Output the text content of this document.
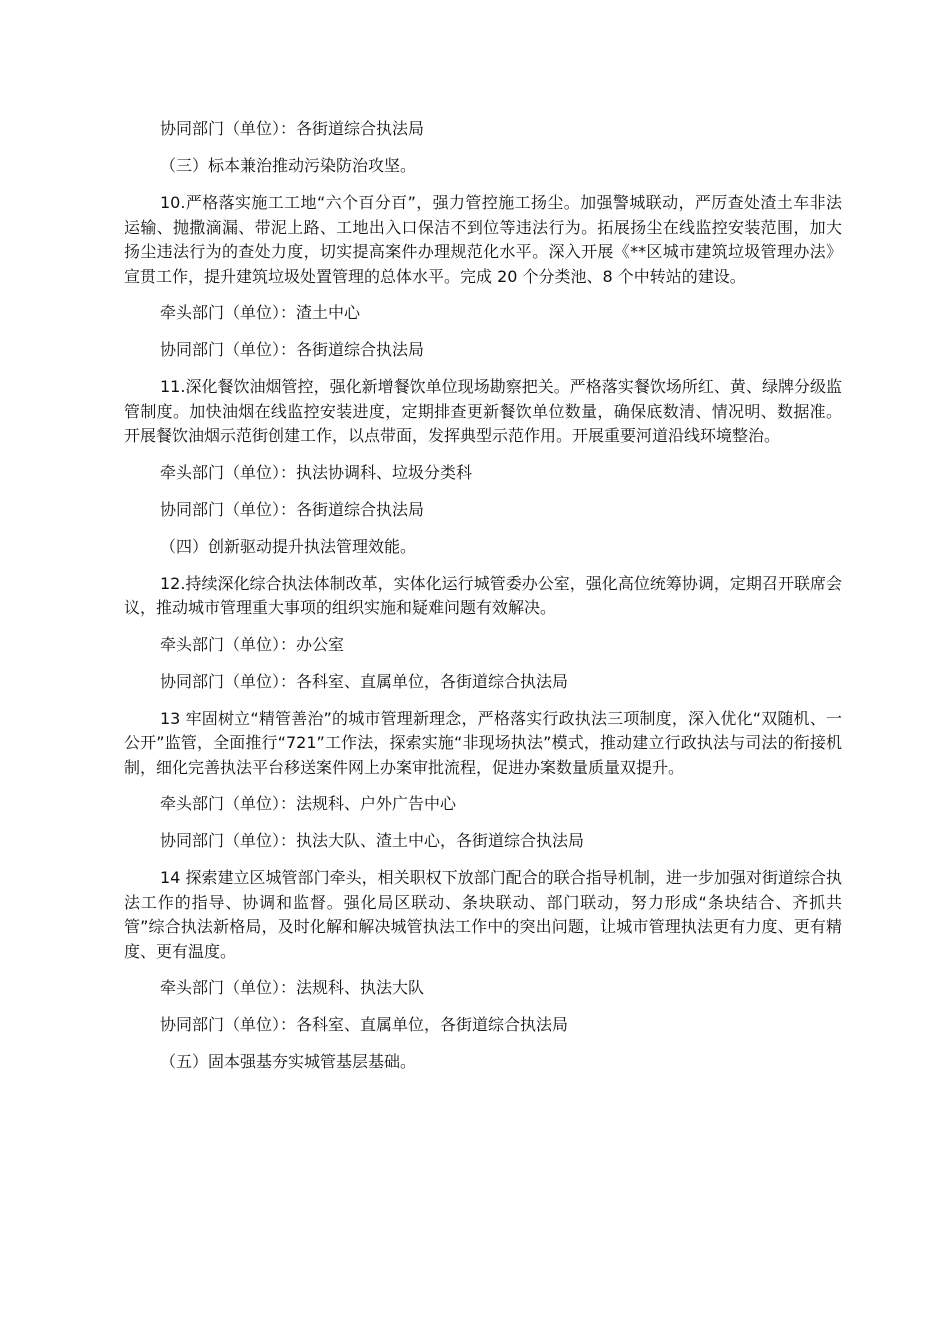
协同部门（单位）：各街道综合执法局

（三）标本兼治推动污染防治攻坚。

10.严格落实施工工地“六个百分百”，强力管控施工扬尘。加强警城联动，严厉查处渣土车非法运输、抛撒滴漏、带泥上路、工地出入口保洁不到位等违法行为。拓展扬尘在线监控安装范围，加大扬尘违法行为的查处力度，切实提高案件办理规范化水平。深入开展《**区城市建筑垃圾管理办法》宣贯工作，提升建筑垃圾处置管理的总体水平。完成 20 个分类池、8 个中转站的建设。

牵头部门（单位）：渣土中心

协同部门（单位）：各街道综合执法局

11.深化餐饮油烟管控，强化新增餐饮单位现场勘察把关。严格落实餐饮场所红、黄、绿牌分级监管制度。加快油烟在线监控安装进度，定期排查更新餐饮单位数量，确保底数清、情况明、数据准。开展餐饮油烟示范街创建工作，以点带面，发挥典型示范作用。开展重要河道沿线环境整治。

牵头部门（单位）：执法协调科、垃圾分类科

协同部门（单位）：各街道综合执法局

（四）创新驱动提升执法管理效能。

12.持续深化综合执法体制改革，实体化运行城管委办公室，强化高位统筹协调，定期召开联席会议，推动城市管理重大事项的组织实施和疑难问题有效解决。

牵头部门（单位）：办公室

协同部门（单位）：各科室、直属单位，各街道综合执法局

13 牢固树立“精管善治”的城市管理新理念，严格落实行政执法三项制度，深入优化“双随机、一公开”监管，全面推行“721”工作法，探索实施“非现场执法”模式，推动建立行政执法与司法的衔接机制，细化完善执法平台移送案件网上办案审批流程，促进办案数量质量双提升。

牵头部门（单位）：法规科、户外广告中心

协同部门（单位）：执法大队、渣土中心，各街道综合执法局

14 探索建立区城管部门牵头，相关职权下放部门配合的联合指导机制，进一步加强对街道综合执法工作的指导、协调和监督。强化局区联动、条块联动、部门联动，努力形成“条块结合、齐抓共管”综合执法新格局，及时化解和解决城管执法工作中的突出问题，让城市管理执法更有力度、更有精度、更有温度。

牵头部门（单位）：法规科、执法大队

协同部门（单位）：各科室、直属单位，各街道综合执法局

（五）固本强基夯实城管基层基础。
